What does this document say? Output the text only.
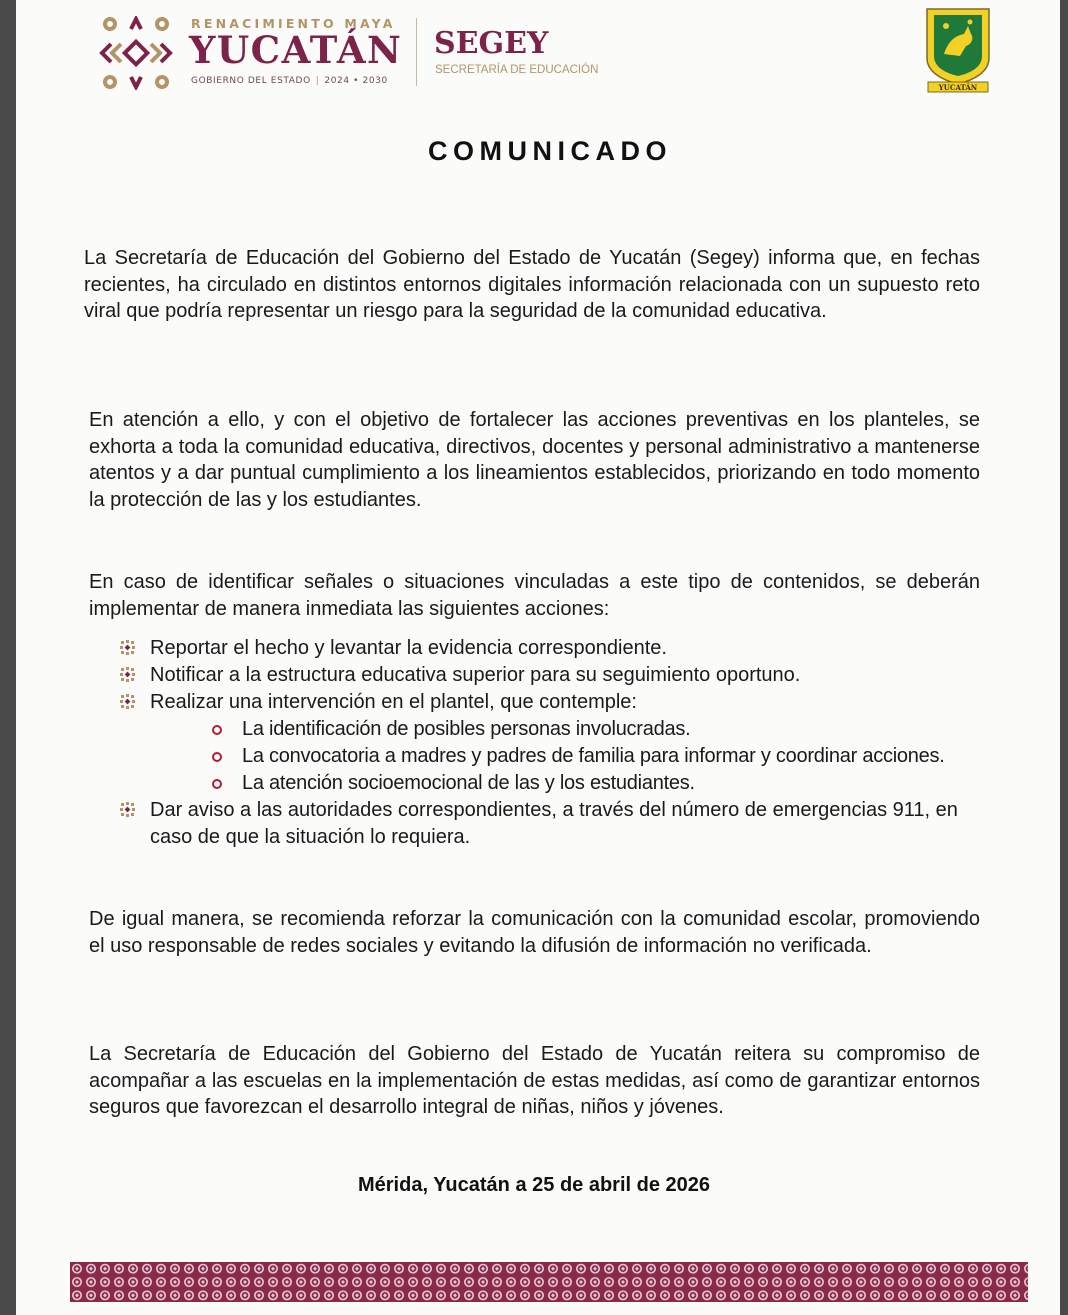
RENACIMIENTO MAYA
YUCATÁN
GOBIERNO DEL ESTADO | 2024 • 2030
SEGEY
SECRETARÍA DE EDUCACIÓN
YUCATÁN
COMUNICADO

La Secretaría de Educación del Gobierno del Estado de Yucatán (Segey) informa que, en fechas recientes, ha circulado en distintos entornos digitales información relacionada con un supuesto reto viral que podría representar un riesgo para la seguridad de la comunidad educativa.

En atención a ello, y con el objetivo de fortalecer las acciones preventivas en los planteles, se exhorta a toda la comunidad educativa, directivos, docentes y personal administrativo a mantenerse atentos y a dar puntual cumplimiento a los lineamientos establecidos, priorizando en todo momento la protección de las y los estudiantes.

En caso de identificar señales o situaciones vinculadas a este tipo de contenidos, se deberán implementar de manera inmediata las siguientes acciones:

Reportar el hecho y levantar la evidencia correspondiente.
Notificar a la estructura educativa superior para su seguimiento oportuno.
Realizar una intervención en el plantel, que contemple:
La identificación de posibles personas involucradas.
La convocatoria a madres y padres de familia para informar y coordinar acciones.
La atención socioemocional de las y los estudiantes.
Dar aviso a las autoridades correspondientes, a través del número de emergencias 911, en caso de que la situación lo requiera.

De igual manera, se recomienda reforzar la comunicación con la comunidad escolar, promoviendo el uso responsable de redes sociales y evitando la difusión de información no verificada.

La Secretaría de Educación del Gobierno del Estado de Yucatán reitera su compromiso de acompañar a las escuelas en la implementación de estas medidas, así como de garantizar entornos seguros que favorezcan el desarrollo integral de niñas, niños y jóvenes.

Mérida, Yucatán a 25 de abril de 2026
